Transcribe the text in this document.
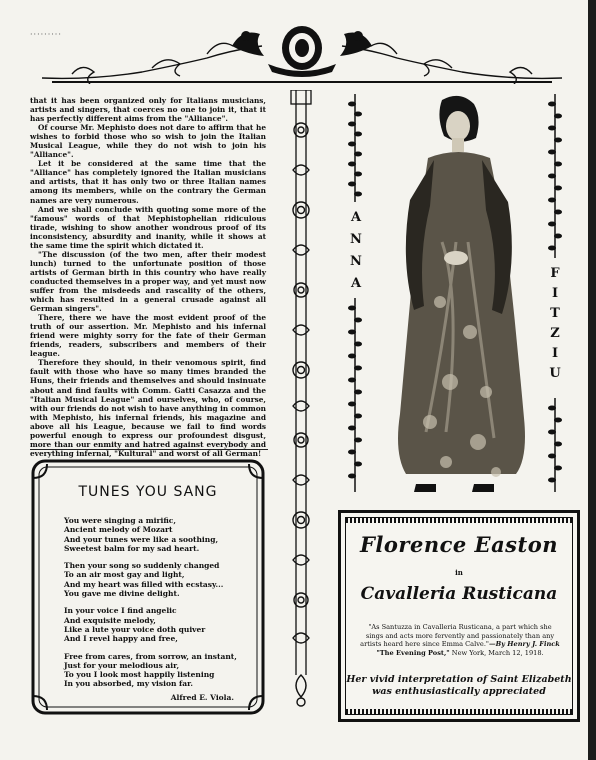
·········

that it has been organized only for Italians musicians, artists and singers, that coerces no one to join it, that it has perfectly different aims from the "Alliance".

Of course Mr. Mephisto does not dare to affirm that he wishes to forbid those who so wish to join the Italian Musical League, while they do not wish to join his "Alliance".

Let it be considered at the same time that the "Alliance" has completely ignored the Italian musicians and artists, that it has only two or three Italian names among its members, while on the contrary the German names are very numerous.

And we shall conclude with quoting some more of the "famous" words of that Mephistophelian ridiculous tirade, wishing to show another wondrous proof of its inconsistency, absurdity and inanity, while it shows at the same time the spirit which dictated it.

"The discussion (of the two men, after their modest lunch) turned to the unfortunate position of those artists of German birth in this country who have really conducted themselves in a proper way, and yet must now suffer from the misdeeds and rascality of the others, which has resulted in a general crusade against all German singers".

There, there we have the most evident proof of the truth of our assertion. Mr. Mephisto and his infernal friend were mighty sorry for the fate of their German friends, readers, subscribers and members of their league.

Therefore they should, in their venomous spirit, find fault with those who have so many times branded the Huns, their friends and themselves and should insinuate about and find faults with Comm. Gatti Casazza and the "Italian Musical League" and ourselves, who, of course, with our friends do not wish to have anything in common with Mephisto, his infernal friends, his magazine and above all his League, because we fail to find words powerful enough to express our profoundest disgust, more than our enmity and hatred against everybody and everything infernal, "Kultural" and worst of all German!

TUNES YOU SANG
You were singing a mirific,
Ancient melody of Mozart
And your tunes were like a soothing,
Sweetest balm for my sad heart.
Then your song so suddenly changed
To an air most gay and light,
And my heart was filled with ecstasy...
You gave me divine delight.
In your voice I find angelic
And exquisite melody,
Like a lute your voice doth quiver
And I revel happy and free,
Free from cares, from sorrow, an instant,
Just for your melodious air,
To you I look most happily listening
In you absorbed, my vision far.
Alfred E. Viola.
A
N
N
A
F
I
T
Z
I
U
Florence Easton
in
Cavalleria Rusticana
"As Santuzza in Cavalleria Rusticana, a part which she sings and acts more fervently and passionately than any artists heard here since Emma Calve."—By Henry J. Finck "The Evening Post," New York, March 12, 1918.
Her vivid interpretation of Saint Elizabeth
was enthusiastically appreciated
